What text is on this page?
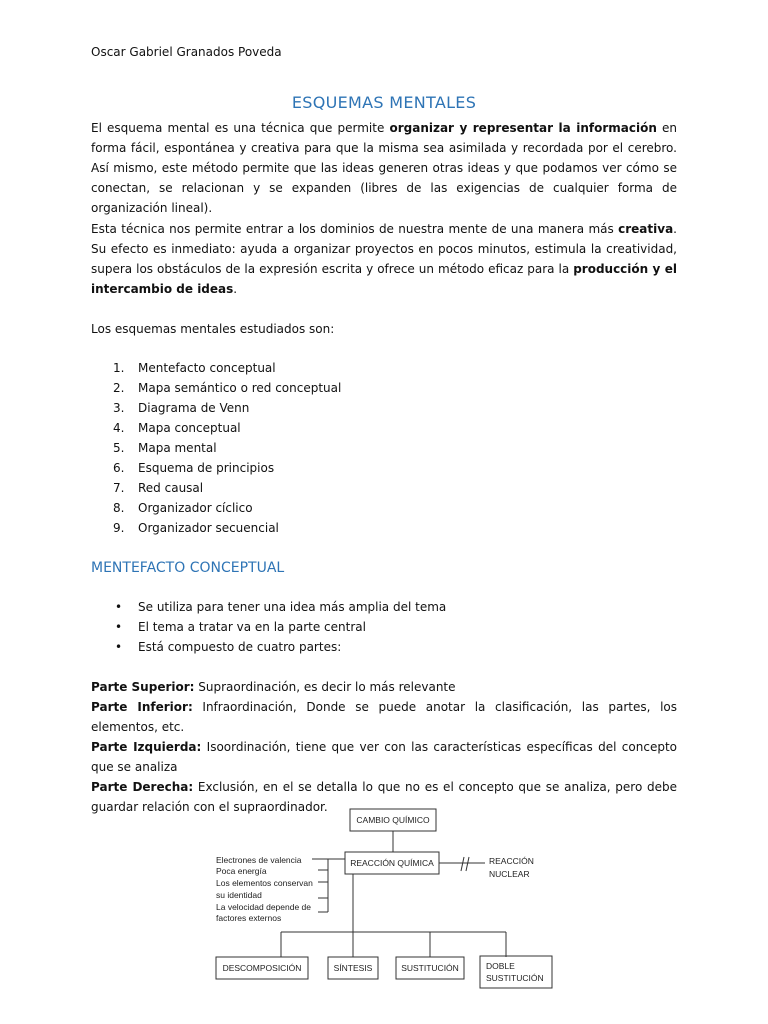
Oscar Gabriel Granados Poveda
ESQUEMAS MENTALES

El esquema mental es una técnica que permite organizar y representar la información en forma fácil, espontánea y creativa para que la misma sea asimilada y recordada por el cerebro. Así mismo, este método permite que las ideas generen otras ideas y que podamos ver cómo se conectan, se relacionan y se expanden (libres de las exigencias de cualquier forma de organización lineal).

Esta técnica nos permite entrar a los dominios de nuestra mente de una manera más creativa. Su efecto es inmediato: ayuda a organizar proyectos en pocos minutos, estimula la creatividad, supera los obstáculos de la expresión escrita y ofrece un método eficaz para la producción y el intercambio de ideas.

Los esquemas mentales estudiados son:

1. Mentefacto conceptual
2. Mapa semántico o red conceptual
3. Diagrama de Venn
4. Mapa conceptual
5. Mapa mental
6. Esquema de principios
7. Red causal
8. Organizador cíclico
9. Organizador secuencial
MENTEFACTO CONCEPTUAL
• Se utiliza para tener una idea más amplia del tema
• El tema a tratar va en la parte central
• Está compuesto de cuatro partes:

Parte Superior: Supraordinación, es decir lo más relevante

Parte Inferior: Infraordinación, Donde se puede anotar la clasificación, las partes, los elementos, etc.

Parte Izquierda: Isoordinación, tiene que ver con las características específicas del concepto que se analiza

Parte Derecha: Exclusión, en el se detalla lo que no es el concepto que se analiza, pero debe guardar relación con el supraordinador.

CAMBIO QUÍMICO
REACCIÓN QUÍMICA	REACCIÓN
NUCLEAR
Electrones de valencia
Poca energía
Los elementos conservan
su identidad
La velocidad depende de
factores externos
DESCOMPOSICIÓN	SÍNTESIS	SUSTITUCIÓN	DOBLE
SUSTITUCIÓN
